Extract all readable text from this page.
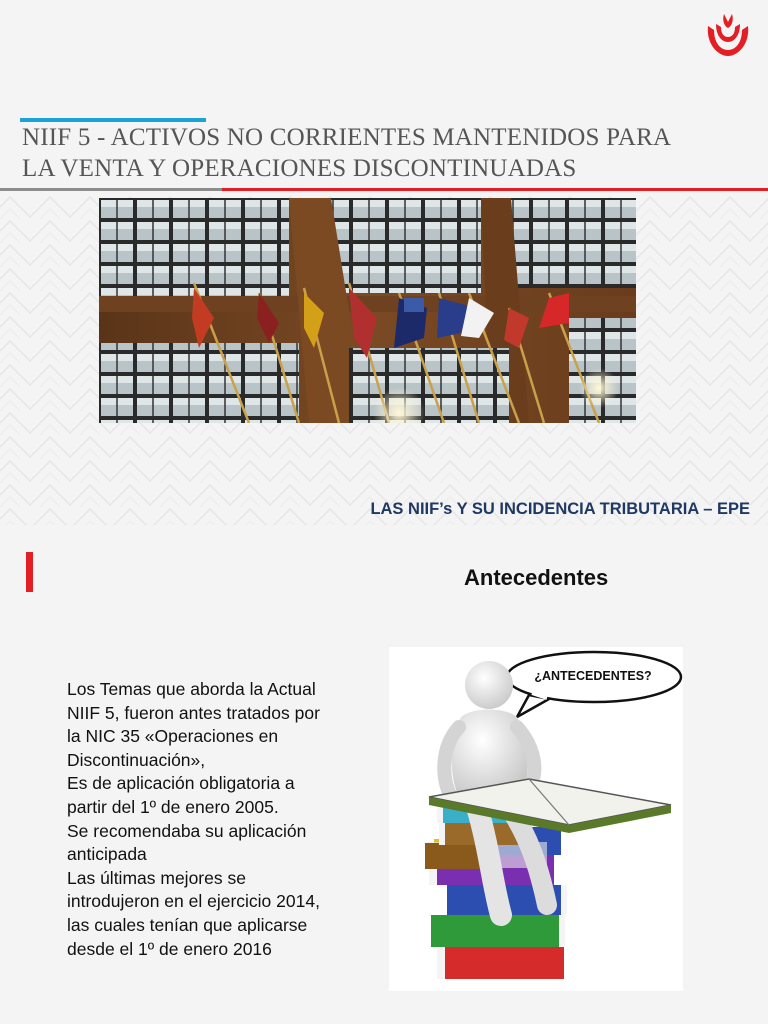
NIIF 5 - ACTIVOS NO CORRIENTES MANTENIDOS PARA
LA VENTA Y OPERACIONES DISCONTINUADAS

LAS NIIF’s Y SU INCIDENCIA TRIBUTARIA – EPE

Antecedentes
Los Temas que aborda la Actual
NIIF 5, fueron antes tratados por
la NIC 35 «Operaciones en
Discontinuación»,
Es de aplicación obligatoria a
partir del 1º de enero 2005.
Se recomendaba su aplicación
anticipada
Las últimas mejores se
introdujeron en el ejercicio 2014,
las cuales tenían que aplicarse
desde el 1º de enero 2016
¿ANTECEDENTES?
